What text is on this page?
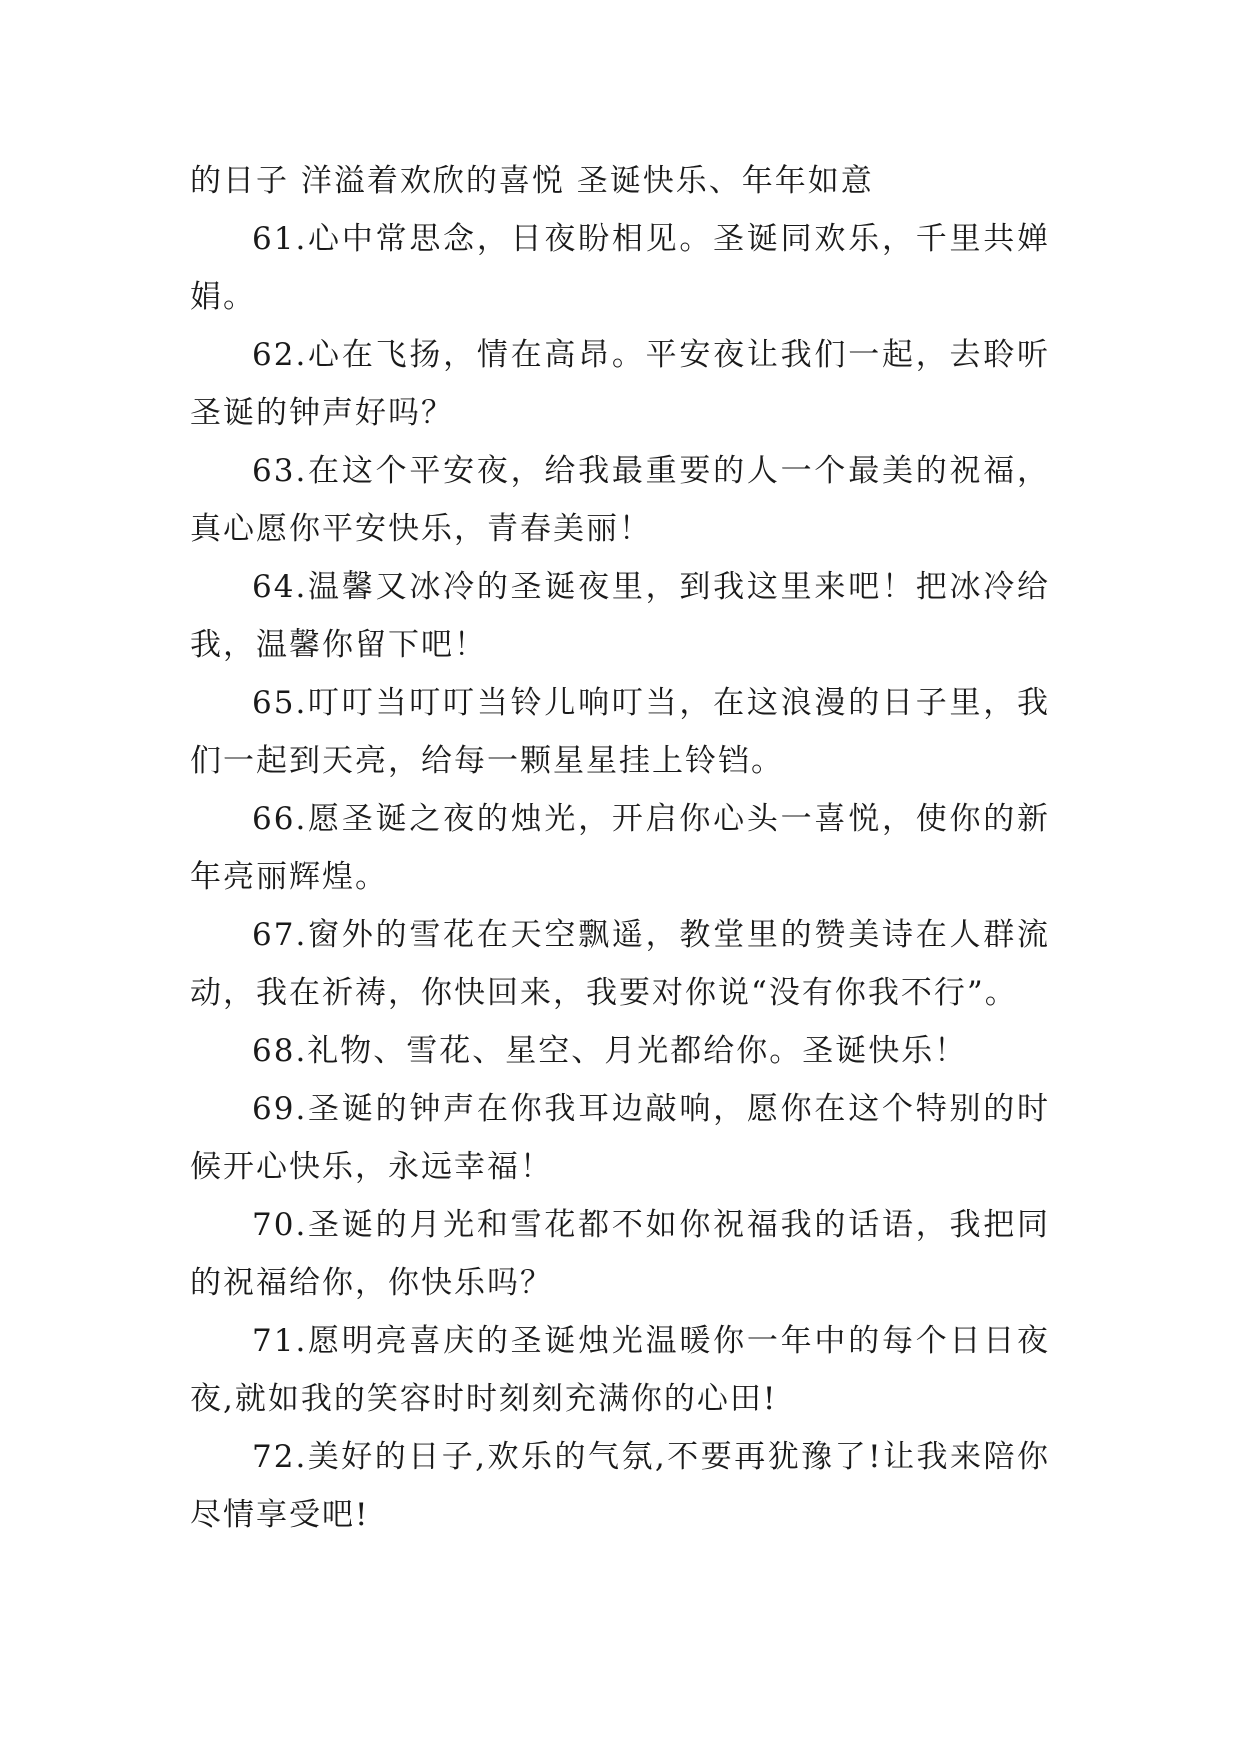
的日子 洋溢着欢欣的喜悦 圣诞快乐、年年如意

61.心中常思念，日夜盼相见。圣诞同欢乐，千里共婵娟。

62.心在飞扬，情在高昂。平安夜让我们一起，去聆听圣诞的钟声好吗？

63.在这个平安夜，给我最重要的人一个最美的祝福，真心愿你平安快乐，青春美丽！

64.温馨又冰冷的圣诞夜里，到我这里来吧！把冰冷给我，温馨你留下吧！

65.叮叮当叮叮当铃儿响叮当，在这浪漫的日子里，我们一起到天亮，给每一颗星星挂上铃铛。

66.愿圣诞之夜的烛光，开启你心头一喜悦，使你的新年亮丽辉煌。

67.窗外的雪花在天空飘遥，教堂里的赞美诗在人群流动，我在祈祷，你快回来，我要对你说“没有你我不行”。

68.礼物、雪花、星空、月光都给你。圣诞快乐！

69.圣诞的钟声在你我耳边敲响，愿你在这个特别的时候开心快乐，永远幸福！

70.圣诞的月光和雪花都不如你祝福我的话语，我把同的祝福给你，你快乐吗？

71.愿明亮喜庆的圣诞烛光温暖你一年中的每个日日夜夜,就如我的笑容时时刻刻充满你的心田!

72.美好的日子,欢乐的气氛,不要再犹豫了!让我来陪你尽情享受吧!
